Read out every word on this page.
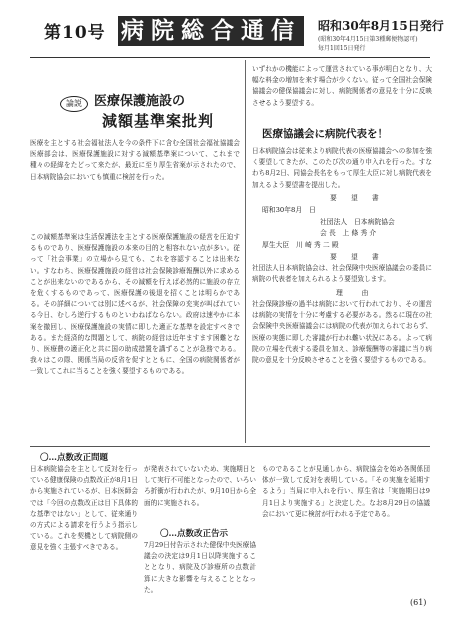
第10号 病院総合通信 昭和30年8月15日発行
(昭和30年4月15日第3種郵便物認可)
毎月1回15日発行
論説 医療保護施設の
減額基準案批判
医療を主とする社会福祉法人を今の条件下に含む全国社会福祉協議会医療部会は、医療保護施設に対する減額基準案について、これまで種々の経緯をたどって来たが、最近に至り厚生省案が示されたので、日本病院協会においても慎重に検討を行った。
この減額基準案は生活保護法を主とする医療保護施設の経営を圧迫するものであり、医療保護施設の本来の目的と相容れない点が多い。従って「社会事業」の立場から見ても、これを容認することは出来ない。すなわち、医療保護施設の経営は社会保険診療報酬以外に求めることが出来ないのであるから、その減額を行えば必然的に施設の存立を危くするものであって、医療保護の後退を招くことは明らかである。その詳細については別に述べるが、社会保障の充実が叫ばれている今日、むしろ逆行するものといわねばならない。政府は速やかに本案を撤回し、医療保護施設の実情に即した適正な基準を設定すべきである。また経済的な問題として、病院の経営は近年ますます困難となり、医療費の適正化と共に国の助成措置を講ずることが急務である。我々はこの際、関係当局の反省を促すとともに、全国の病院関係者が一致してこれに当ることを強く要望するものである。
いずれかの機能によって運営されている事が明白となり、大幅な料金の増加を来す場合が少くない。従って全国社会保険協議会の健保協議会に対し、病院関係者の意見を十分に反映させるよう要望する。
医療協議会に病院代表を！
日本病院協会は従来より病院代表の医療協議会への参加を強く要望してきたが、このたび次の通り申入れを行った。すなわち8月2日、同協会長名をもって厚生大臣に対し病院代表を加えるよう要望書を提出した。
要 望 書
昭和30年8月　日
社団法人　日本病院協会
会 長　上 條 秀 介
厚生大臣　川 崎 秀 二 殿
要 望 書
社団法人日本病院協会は、社会保険中央医療協議会の委員に病院の代表者を加えられるよう要望致します。
理　由
社会保険診療の過半は病院において行われており、その運営は病院の実情を十分に考慮する必要がある。然るに現在の社会保険中央医療協議会には病院の代表が加えられておらず、医療の実態に即した審議が行われ難い状況にある。よって病院の立場を代表する委員を加え、診療報酬等の審議に当り病院の意見を十分反映させることを強く要望するものである。
〇…点数改正問題
日本病院協会を主として反対を行っている健康保険の点数改正が8月1日から実施されているが、日本医師会では「今回の点数改正は目下具体的な基準ではない」として、従来通りの方式による請求を行うよう指示している。これを契機として病院側の意見を強く主張すべきである。
が発表されていないため、実施期日として実行不可能となったので、いろいろ折衝が行われたが、9月10日から全面的に実施される。
〇…点数改正告示
7月29日付告示された健保中央医療協議会の決定は9月1日以降実施することとなり、病院及び診療所の点数計算に大きな影響を与えることとなった。
ものであることが見通しから、病院協会を始め各関係団体が一致して反対を表明している。「その実施を延期するよう」当局に申入れを行い、厚生省は「実施期日は9月1日より実施する」と決定した。なお8月29日の協議会において更に検討が行われる予定である。
(61)
